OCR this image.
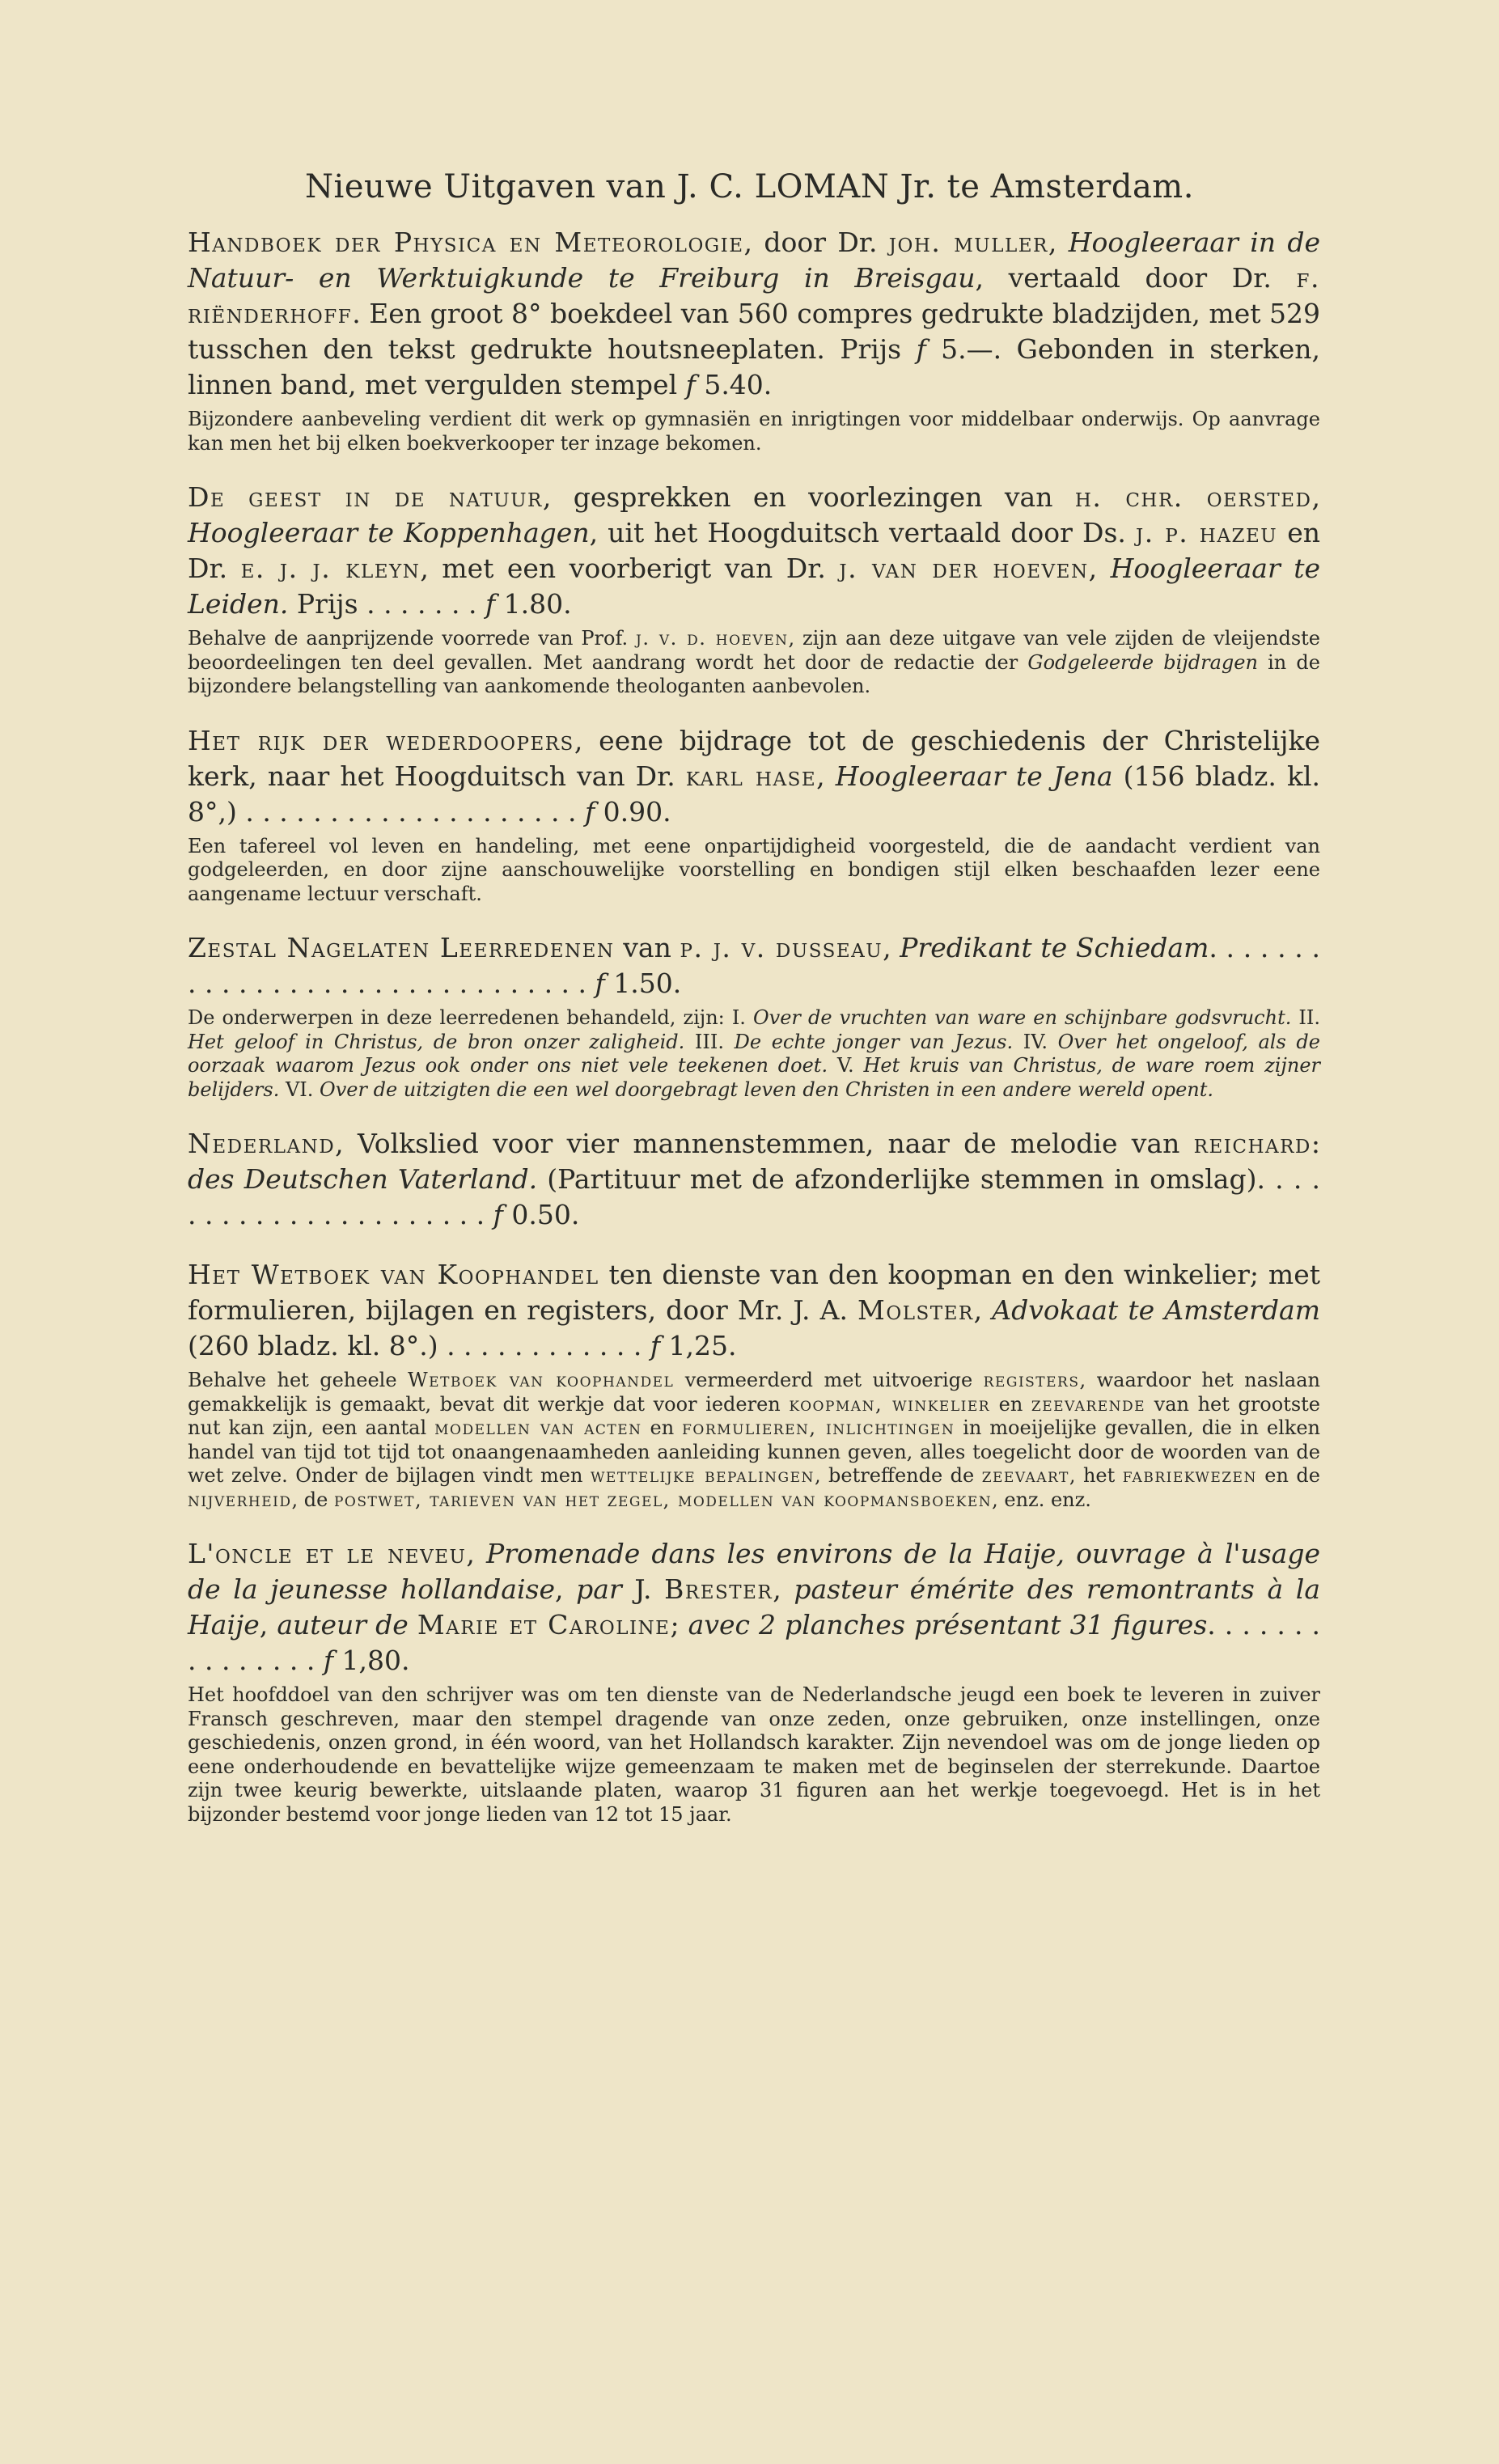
Nieuwe Uitgaven van J. C. LOMAN Jr. te Amsterdam.
Handboek der Physica en Meteorologie, door Dr. joh. muller, Hoogleeraar in de Natuur- en Werktuigkunde te Freiburg in Breisgau, vertaald door Dr. f. riënderhoff. Een groot 8° boekdeel van 560 compres gedrukte bladzijden, met 529 tusschen den tekst gedrukte houtsneeplaten. Prijs f 5.—. Gebonden in sterken, linnen band, met vergulden stempel f 5.40.
Bijzondere aanbeveling verdient dit werk op gymnasiën en inrigtingen voor middelbaar onderwijs. Op aanvrage kan men het bij elken boekverkooper ter inzage bekomen.
De geest in de natuur, gesprekken en voorlezingen van h. chr. oersted, Hoogleeraar te Koppenhagen, uit het Hoogduitsch vertaald door Ds. j. p. hazeu en Dr. e. j. j. kleyn, met een voorberigt van Dr. j. van der hoeven, Hoogleeraar te Leiden. Prijs . . . . . . . f 1.80.
Behalve de aanprijzende voorrede van Prof. j. v. d. hoeven, zijn aan deze uitgave van vele zijden de vleijendste beoordeelingen ten deel gevallen. Met aandrang wordt het door de redactie der Godgeleerde bijdragen in de bijzondere belangstelling van aankomende theologanten aanbevolen.
Het rijk der wederdoopers, eene bijdrage tot de geschiedenis der Christelijke kerk, naar het Hoogduitsch van Dr. karl hase, Hoogleeraar te Jena (156 bladz. kl. 8°,) . . . . . . . . . . . . . . . . . . . . f 0.90.
Een tafereel vol leven en handeling, met eene onpartijdigheid voorgesteld, die de aandacht verdient van godgeleerden, en door zijne aanschouwelijke voorstelling en bondigen stijl elken beschaafden lezer eene aangename lectuur verschaft.
Zestal Nagelaten Leerredenen van p. j. v. dusseau, Predikant te Schiedam. . . . . . . . . . . . . . . . . . . . . . . . . . . . . . . f 1.50.
De onderwerpen in deze leerredenen behandeld, zijn: I. Over de vruchten van ware en schijnbare godsvrucht. II. Het geloof in Christus, de bron onzer zaligheid. III. De echte jonger van Jezus. IV. Over het ongeloof, als de oorzaak waarom Jezus ook onder ons niet vele teekenen doet. V. Het kruis van Christus, de ware roem zijner belijders. VI. Over de uitzigten die een wel doorgebragt leven den Christen in een andere wereld opent.
Nederland, Volkslied voor vier mannenstemmen, naar de melodie van reichard: des Deutschen Vaterland. (Partituur met de afzonderlijke stemmen in omslag). . . . . . . . . . . . . . . . . . . . . . f 0.50.
Het Wetboek van Koophandel ten dienste van den koopman en den winkelier; met formulieren, bijlagen en registers, door Mr. J. A. Molster, Advokaat te Amsterdam (260 bladz. kl. 8°.) . . . . . . . . . . . . f 1,25.
Behalve het geheele Wetboek van koophandel vermeerderd met uitvoerige registers, waardoor het naslaan gemakkelijk is gemaakt, bevat dit werkje dat voor iederen koopman, winkelier en zeevarende van het grootste nut kan zijn, een aantal modellen van acten en formulieren, inlichtingen in moeijelijke gevallen, die in elken handel van tijd tot tijd tot onaangenaamheden aanleiding kunnen geven, alles toegelicht door de woorden van de wet zelve. Onder de bijlagen vindt men wettelijke bepalingen, betreffende de zeevaart, het fabriekwezen en de nijverheid, de postwet, tarieven van het zegel, modellen van koopmansboeken, enz. enz.
L'oncle et le neveu, Promenade dans les environs de la Haije, ouvrage à l'usage de la jeunesse hollandaise, par J. Brester, pasteur émérite des remontrants à la Haije, auteur de Marie et Caroline; avec 2 planches présentant 31 figures. . . . . . . . . . . . . . . f 1,80.
Het hoofddoel van den schrijver was om ten dienste van de Nederlandsche jeugd een boek te leveren in zuiver Fransch geschreven, maar den stempel dragende van onze zeden, onze gebruiken, onze instellingen, onze geschiedenis, onzen grond, in één woord, van het Hollandsch karakter. Zijn nevendoel was om de jonge lieden op eene onderhoudende en bevattelijke wijze gemeenzaam te maken met de beginselen der sterrekunde. Daartoe zijn twee keurig bewerkte, uitslaande platen, waarop 31 figuren aan het werkje toegevoegd. Het is in het bijzonder bestemd voor jonge lieden van 12 tot 15 jaar.
